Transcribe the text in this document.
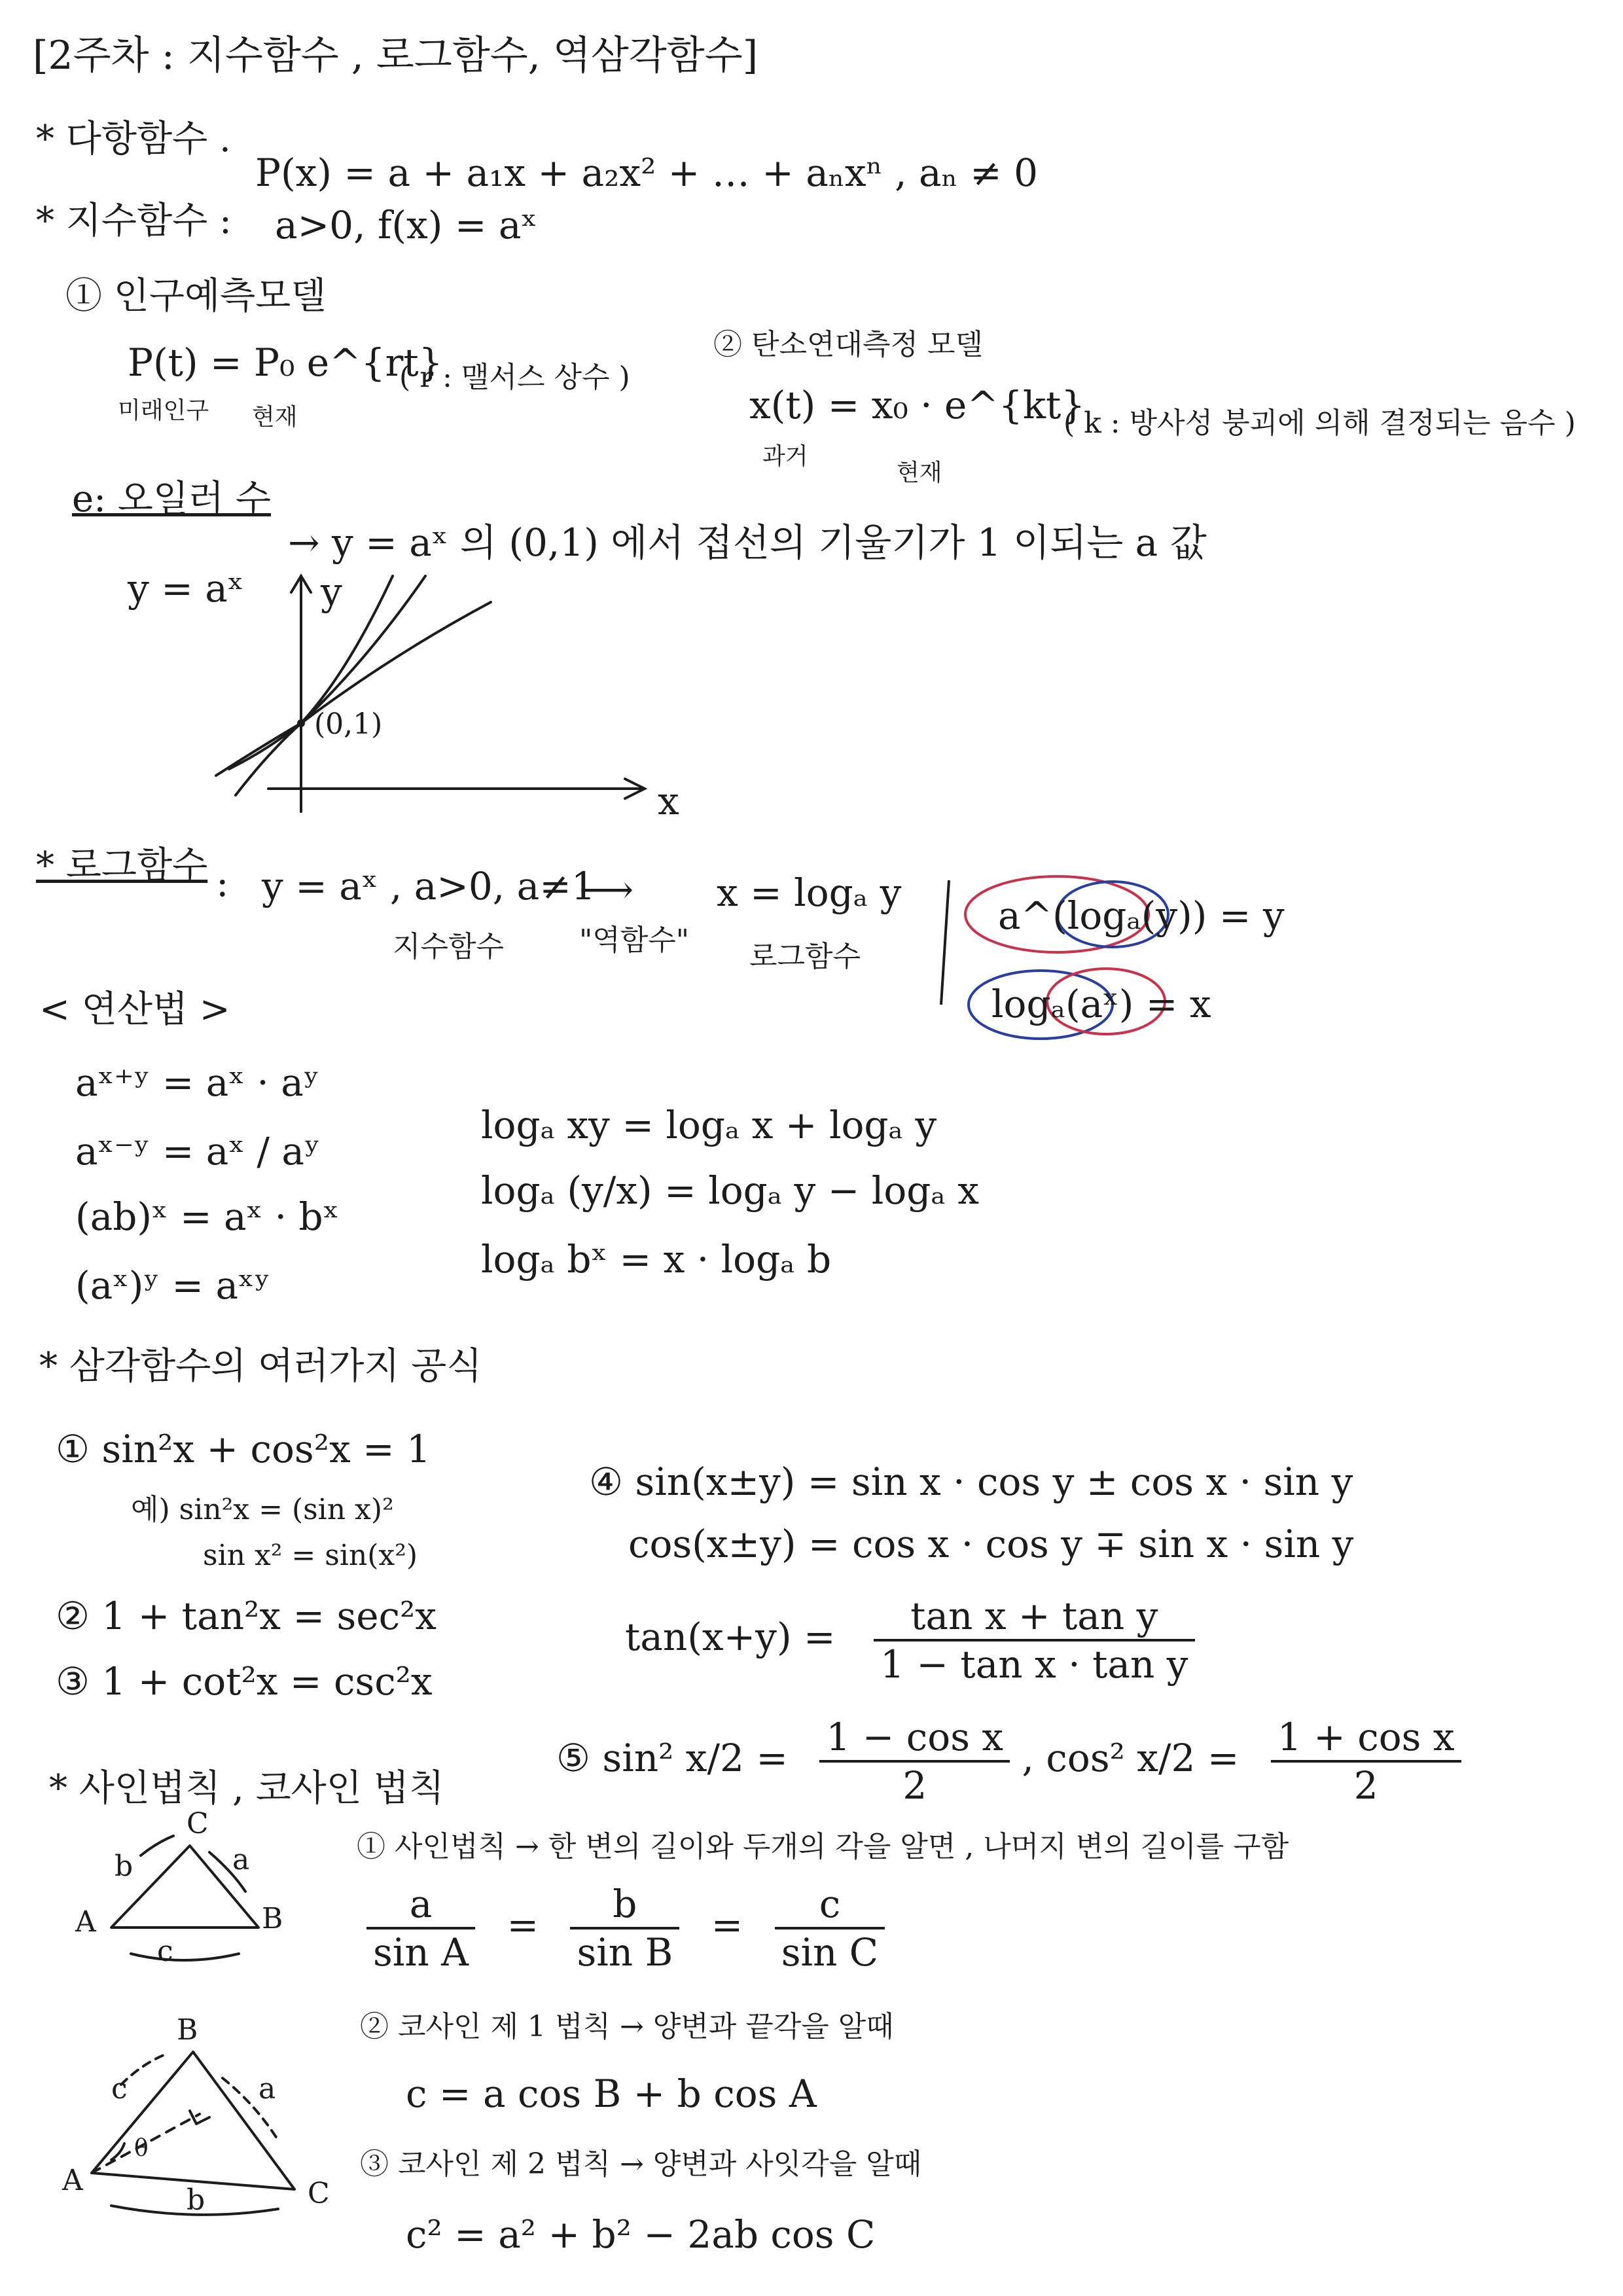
[2주차 : 지수함수 , 로그함수, 역삼각함수]
* 다항함수 .
P(x) = a + a₁x + a₂x² + … + aₙxⁿ , aₙ ≠ 0
* 지수함수 : a>0, f(x) = aˣ
① 인구예측모델
P(t) = P₀ e^{rt}
( r : 맬서스 상수 )
미래인구 현재
② 탄소연대측정 모델
x(t) = x₀ · e^{kt}
( k : 방사성 붕괴에 의해 결정되는 음수 )
과거
현재
e: 오일러 수
→ y = aˣ 의 (0,1) 에서 접선의 기울기가 1 이되는 a 값
y = aˣ y
x
(0,1)
* 로그함수 : y = aˣ , a>0, a≠1
⟶ x = logₐ y
지수함수	"역함수" 로그함수
a^(logₐ(y)) = y
logₐ(aˣ) = x
< 연산법 >
aˣ⁺ʸ = aˣ · aʸ
aˣ⁻ʸ = aˣ / aʸ
(ab)ˣ = aˣ · bˣ
(aˣ)ʸ = aˣʸ
logₐ xy = logₐ x + logₐ y
logₐ (y/x) = logₐ y − logₐ x
logₐ bˣ = x · logₐ b
* 삼각함수의 여러가지 공식
① sin²x + cos²x = 1
예) sin²x = (sin x)²
sin x² = sin(x²)
② 1 + tan²x = sec²x
③ 1 + cot²x = csc²x
④ sin(x±y) = sin x · cos y ± cos x · sin y
cos(x±y) = cos x · cos y ∓ sin x · sin y
$\tan(x+y) = \frac{\text{tan x + tan y}}{\text{1 − tan x · tan y}}$
⑤ sin² $x/2 = \frac{\text{1 − cos x}}{2}$ , cos² $x/2 = \frac{\text{1 + cos x}}{2}$
* 사인법칙 , 코사인 법칙
C
A	B
b	a
c
① 사인법칙 → 한 변의 길이와 두개의 각을 알면 , 나머지 변의 길이를 구함
$\frac{a}{\text{sin A}} = \frac{b}{\text{sin B}} = \frac{c}{\text{sin C}}$
B
A	C
c	a
b
θ
② 코사인 제 1 법칙 → 양변과 끝각을 알때
c = a cos B + b cos A
③ 코사인 제 2 법칙 → 양변과 사잇각을 알때
c² = a² + b² − 2ab cos C
